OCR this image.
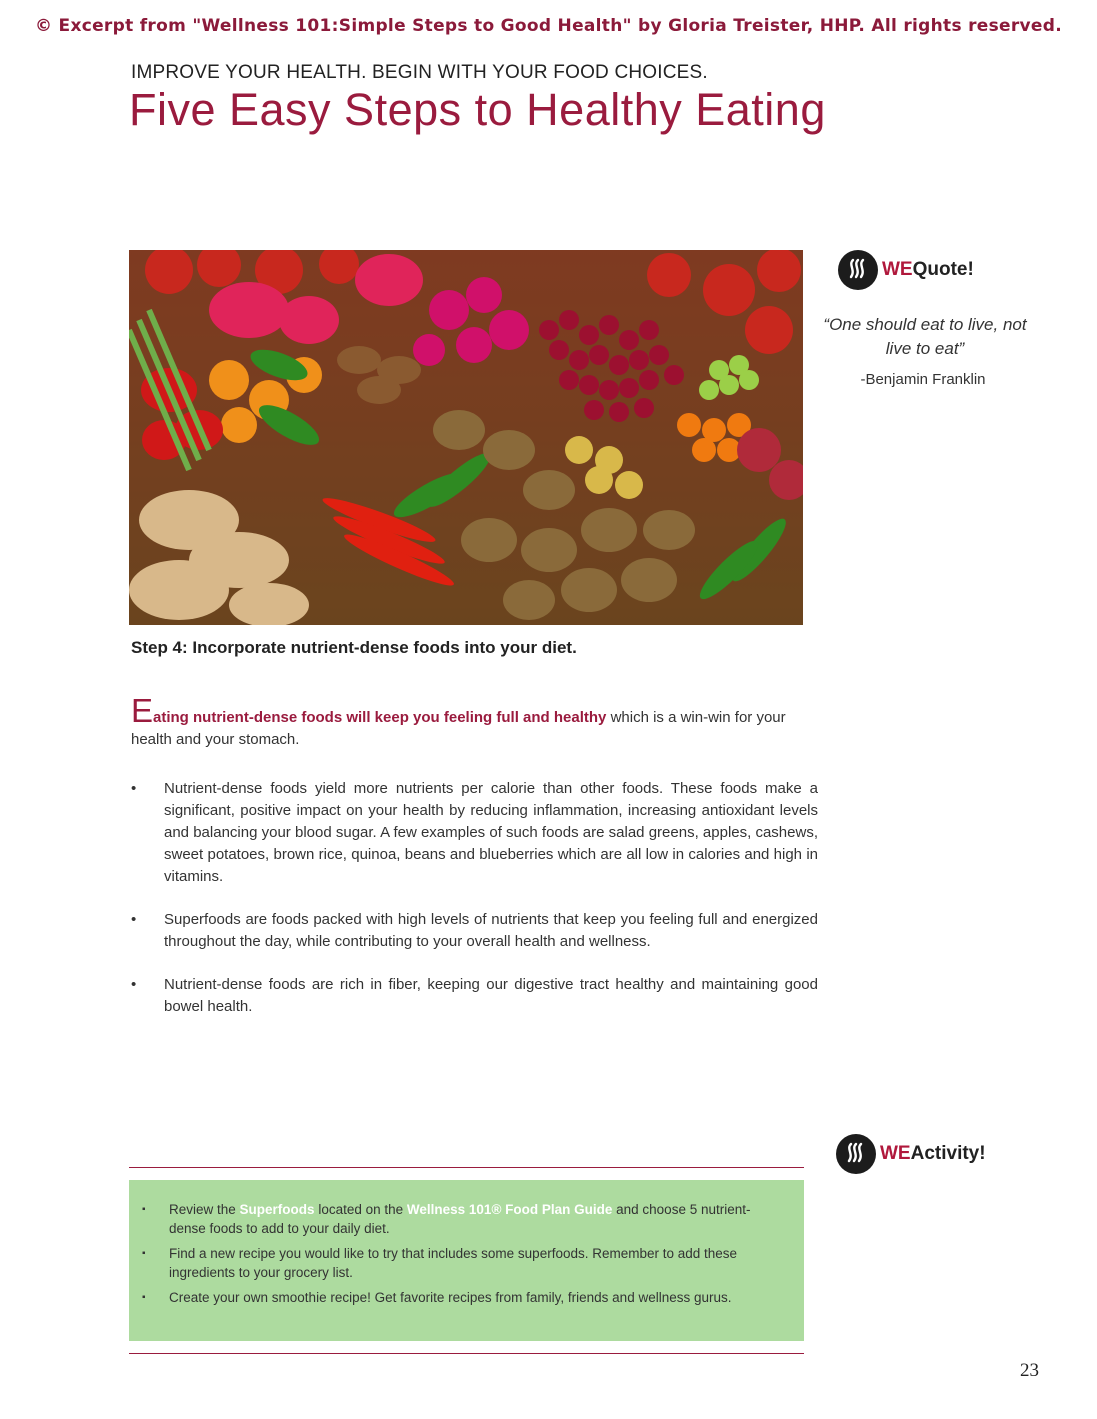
© Excerpt from "Wellness 101:Simple Steps to Good Health" by Gloria Treister, HHP. All rights reserved.
IMPROVE YOUR HEALTH. BEGIN WITH YOUR FOOD CHOICES.
Five Easy Steps to Healthy Eating
Step 4: Incorporate nutrient-dense foods into your diet.
Eating nutrient-dense foods will keep you feeling full and healthy which is a win-win for your health and your stomach.
• Nutrient-dense foods yield more nutrients per calorie than other foods. These foods make a significant, positive impact on your health by reducing inflammation, increasing antioxidant levels and balancing your blood sugar. A few examples of such foods are salad greens, apples, cashews, sweet potatoes, brown rice, quinoa, beans and blueberries which are all low in calories and high in vitamins.
• Superfoods are foods packed with high levels of nutrients that keep you feeling full and energized throughout the day, while contributing to your overall health and wellness.
• Nutrient-dense foods are rich in fiber, keeping our digestive tract healthy and maintaining good bowel health.
WEQuote!
“One should eat to live, not live to eat”
-Benjamin Franklin
WEActivity!
▪ Review the Superfoods located on the Wellness 101® Food Plan Guide and choose 5 nutrient-dense foods to add to your daily diet.
▪ Find a new recipe you would like to try that includes some superfoods. Remember to add these ingredients to your grocery list.
▪ Create your own smoothie recipe! Get favorite recipes from family, friends and wellness gurus.
23
